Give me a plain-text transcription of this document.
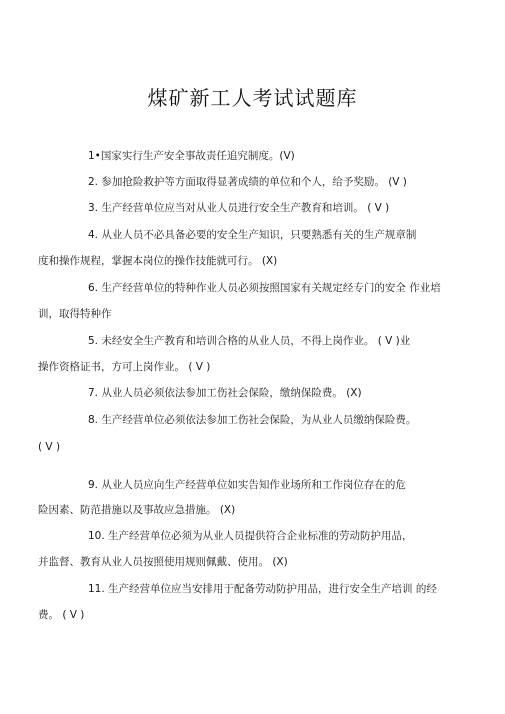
煤矿新工人考试试题库
1•国家实行生产安全事故责任追究制度。(V)
2. 参加抢险救护等方面取得显著成绩的单位和个人，给予奖励。 (V )
3. 生产经营单位应当对从业人员进行安全生产教育和培训。 ( V )
4. 从业人员不必具备必要的安全生产知识，只要熟悉有关的生产规章制
度和操作规程，掌握本岗位的操作技能就可行。 (X)
6. 生产经营单位的特种作业人员必须按照国家有关规定经专门的安全 作业培
训，取得特种作
5. 未经安全生产教育和培训合格的从业人员，不得上岗作业。 ( V )业
操作资格证书，方可上岗作业。 ( V )
7. 从业人员必须依法参加工伤社会保险，缴纳保险费。 (X)
8. 生产经营单位必须依法参加工伤社会保险，为从业人员缴纳保险费。
( V )
9. 从业人员应向生产经营单位如实告知作业场所和工作岗位存在的危
险因素、防范措施以及事故应急措施。 (X)
10. 生产经营单位必须为从业人员提供符合企业标准的劳动防护用品，
并监督、教育从业人员按照使用规则佩戴、使用。 (X)
11. 生产经营单位应当安排用于配备劳动防护用品，进行安全生产培训 的经
费。 ( V )
